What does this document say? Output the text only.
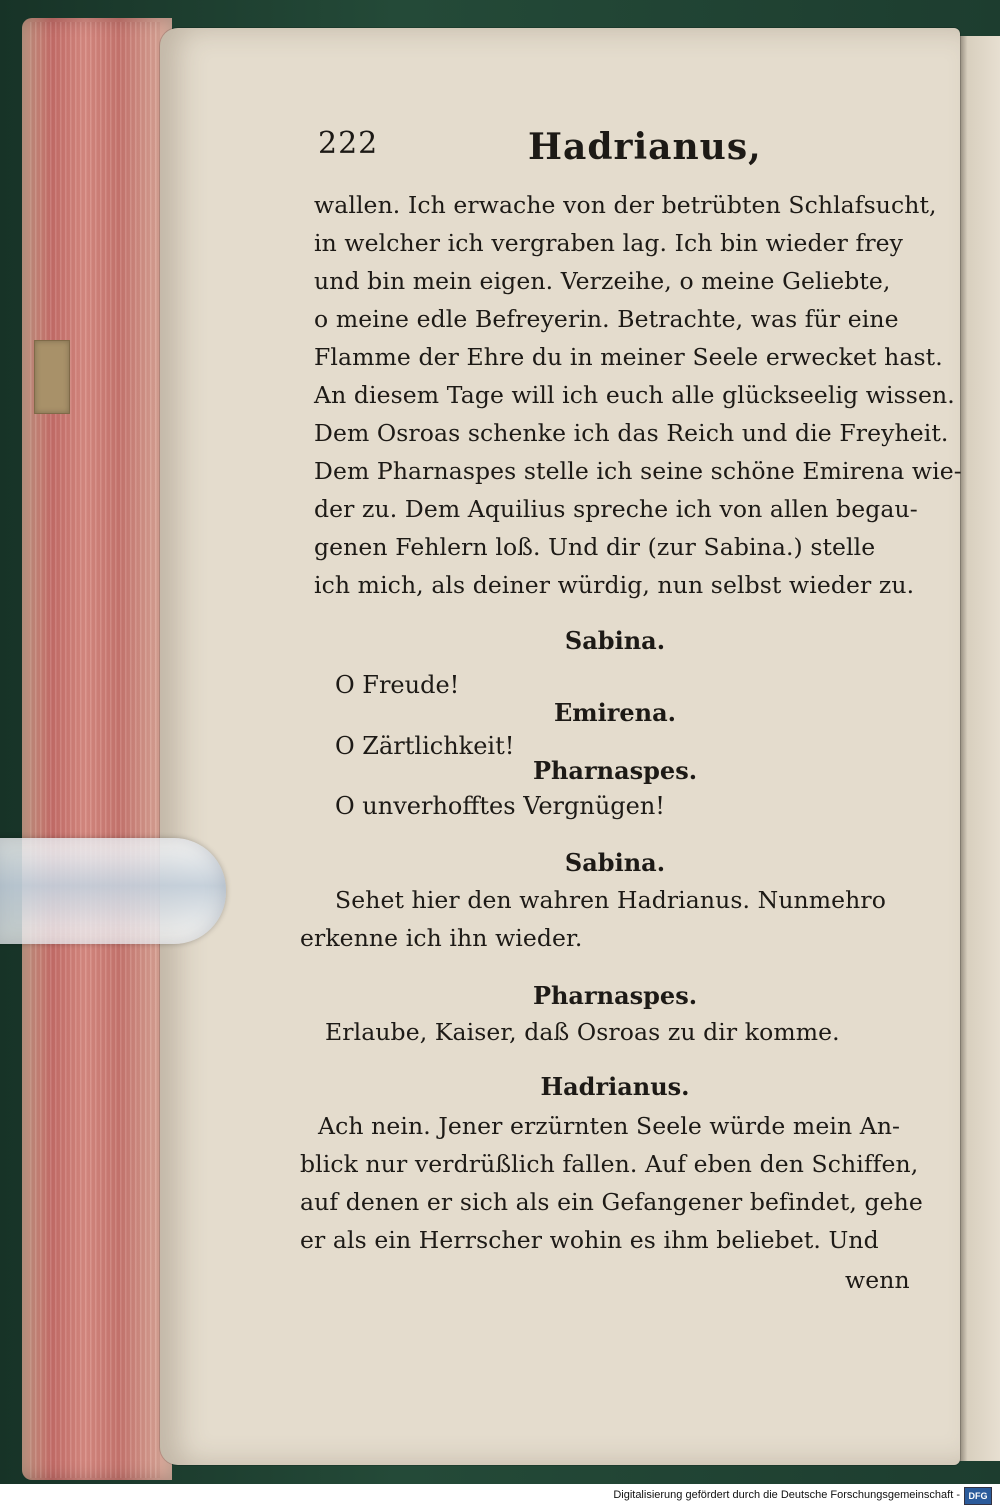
222	Hadrianus,
wallen. Ich erwache von der betrübten Schlafsucht,
in welcher ich vergraben lag. Ich bin wieder frey
und bin mein eigen. Verzeihe, o meine Geliebte,
o meine edle Befreyerin. Betrachte, was für eine
Flamme der Ehre du in meiner Seele erwecket hast.
An diesem Tage will ich euch alle glückseelig wissen.
Dem Osroas schenke ich das Reich und die Freyheit.
Dem Pharnaspes stelle ich seine schöne Emirena wie-
der zu. Dem Aquilius spreche ich von allen begau-
genen Fehlern loß. Und dir (zur Sabina.) stelle
ich mich, als deiner würdig, nun selbst wieder zu.
Sabina.
O Freude!
Emirena.
O Zärtlichkeit!
Pharnaspes.
O unverhofftes Vergnügen!
Sabina.
Sehet hier den wahren Hadrianus. Nunmehro
erkenne ich ihn wieder.
Pharnaspes.
Erlaube, Kaiser, daß Osroas zu dir komme.
Hadrianus.
Ach nein. Jener erzürnten Seele würde mein An-
blick nur verdrüßlich fallen. Auf eben den Schiffen,
auf denen er sich als ein Gefangener befindet, gehe
er als ein Herrscher wohin es ihm beliebet. Und
wenn
Digitalisierung gefördert durch die Deutsche Forschungsgemeinschaft - DFG
